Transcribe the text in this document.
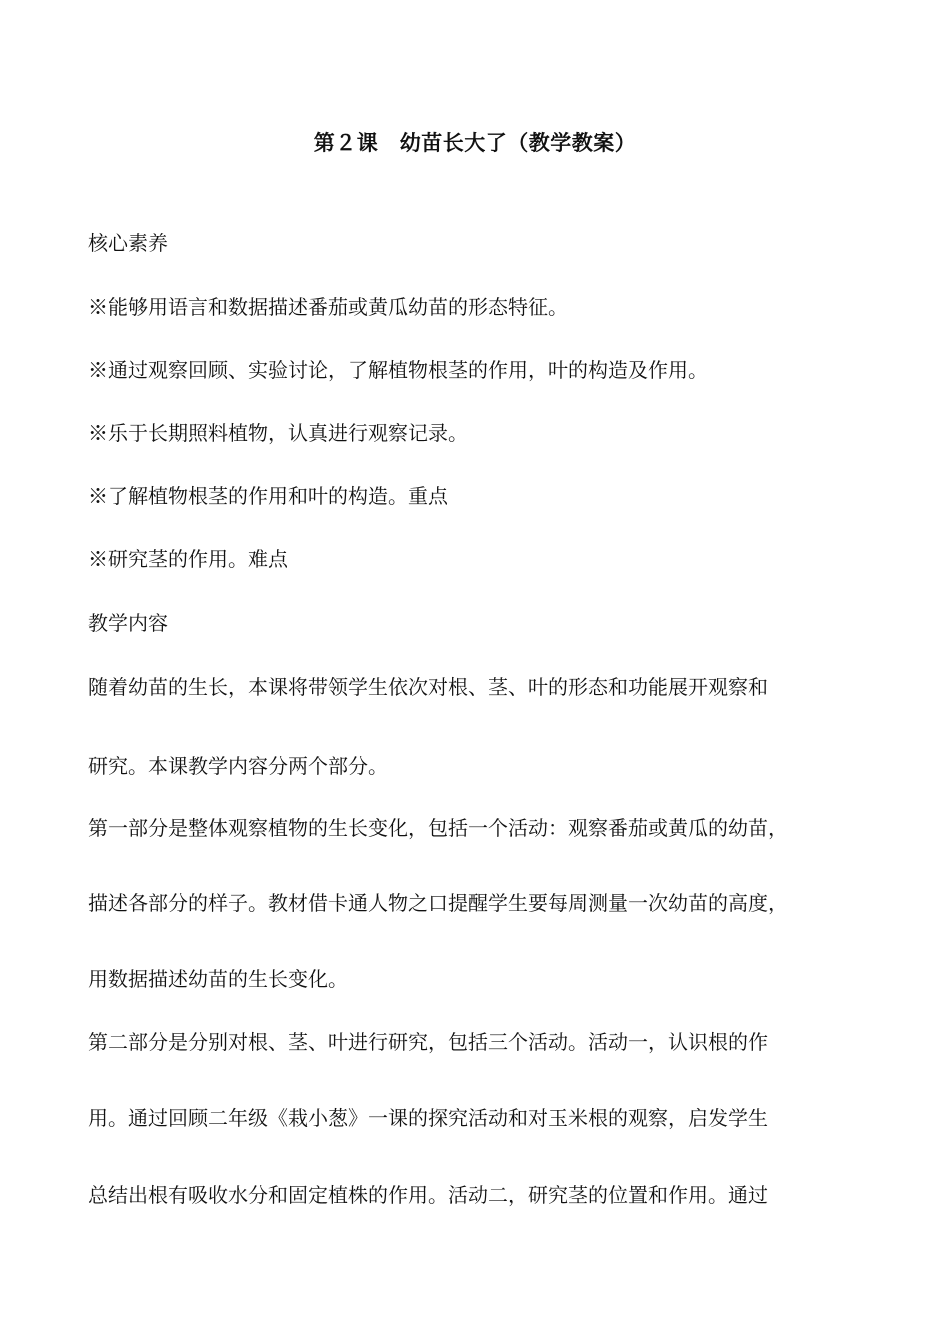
第２课　幼苗长大了（教学教案）
核心素养
※能够用语言和数据描述番茄或黄瓜幼苗的形态特征。
※通过观察回顾、实验讨论，了解植物根茎的作用，叶的构造及作用。
※乐于长期照料植物，认真进行观察记录。
※了解植物根茎的作用和叶的构造。重点
※研究茎的作用。难点
教学内容
随着幼苗的生长，本课将带领学生依次对根、茎、叶的形态和功能展开观察和
研究。本课教学内容分两个部分。
第一部分是整体观察植物的生长变化，包括一个活动：观察番茄或黄瓜的幼苗，
描述各部分的样子。教材借卡通人物之口提醒学生要每周测量一次幼苗的高度，
用数据描述幼苗的生长变化。
第二部分是分别对根、茎、叶进行研究，包括三个活动。活动一，认识根的作
用。通过回顾二年级《栽小葱》一课的探究活动和对玉米根的观察，启发学生
总结出根有吸收水分和固定植株的作用。活动二，研究茎的位置和作用。通过
